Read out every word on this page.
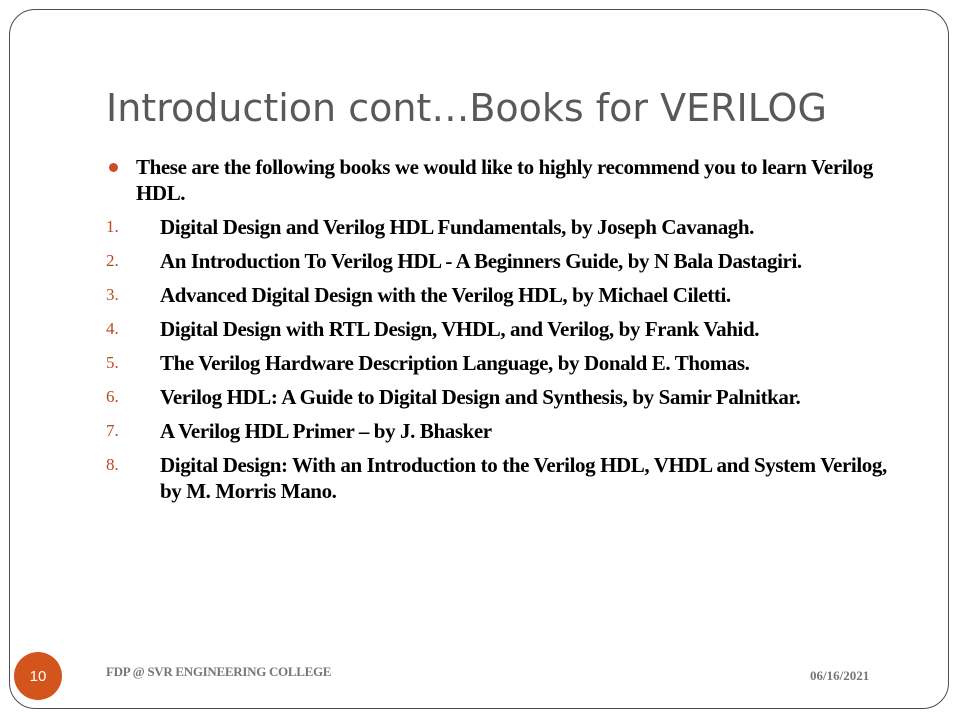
Introduction cont…Books for VERILOG
These are the following books we would like to highly recommend you to learn Verilog HDL.
1. Digital Design and Verilog HDL Fundamentals, by Joseph Cavanagh.
2. An Introduction To Verilog HDL - A Beginners Guide, by N Bala Dastagiri.
3. Advanced Digital Design with the Verilog HDL, by Michael Ciletti.
4. Digital Design with RTL Design, VHDL, and Verilog, by Frank Vahid.
5. The Verilog Hardware Description Language, by Donald E. Thomas.
6. Verilog HDL: A Guide to Digital Design and Synthesis, by Samir Palnitkar.
7. A Verilog HDL Primer – by J. Bhasker
8. Digital Design: With an Introduction to the Verilog HDL, VHDL and System Verilog, by M. Morris Mano.
10	FDP @ SVR ENGINEERING COLLEGE	06/16/2021
